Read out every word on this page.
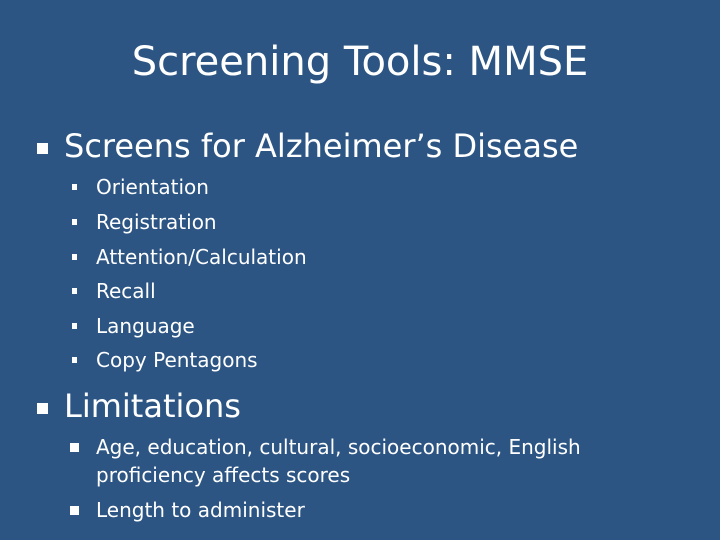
Screening Tools: MMSE
Screens for Alzheimer’s Disease
Orientation
Registration
Attention/Calculation
Recall
Language
Copy Pentagons
Limitations
Age, education, cultural, socioeconomic, English
proficiency affects scores
Length to administer
